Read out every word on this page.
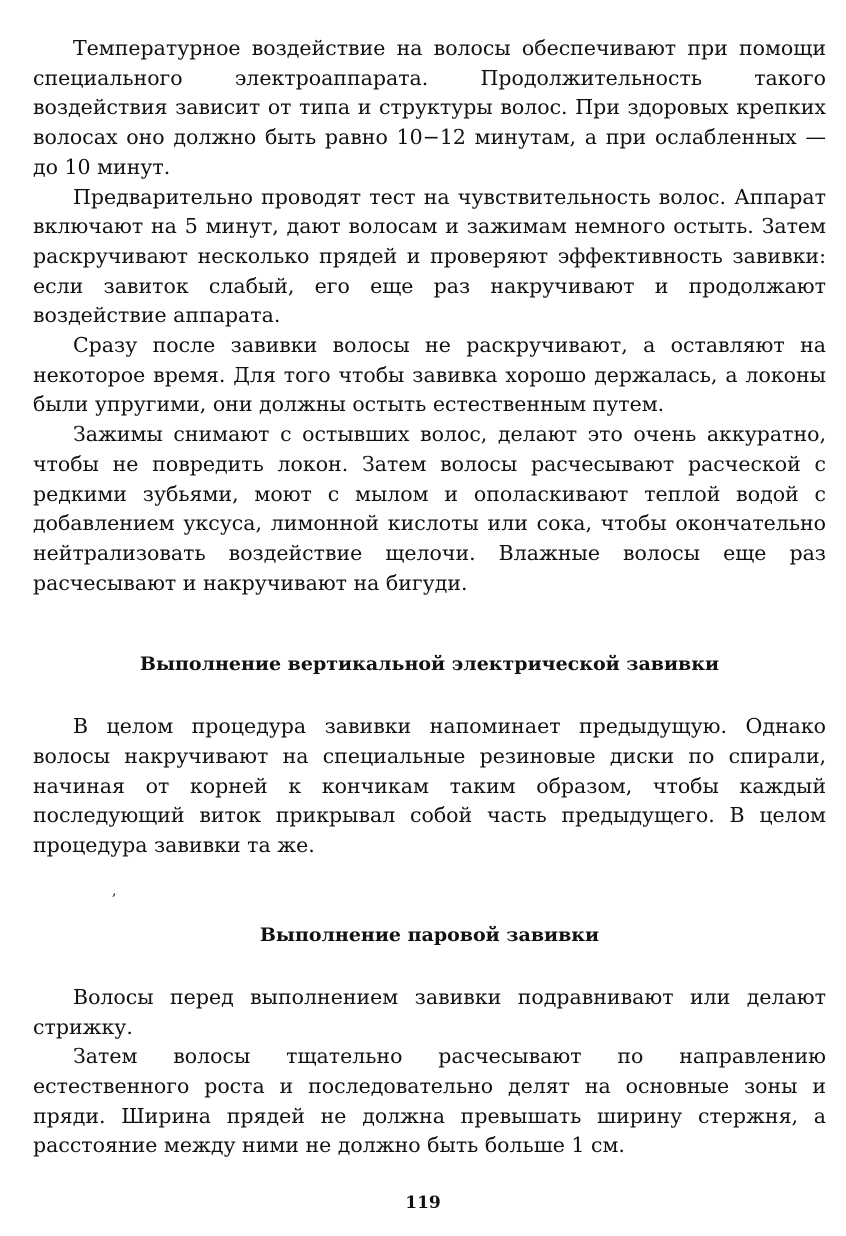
Температурное воздействие на волосы обеспечивают при помощи специального электроаппарата. Продолжительность такого воздействия зависит от типа и структуры волос. При здоровых крепких волосах оно должно быть равно 10−12 минутам, а при ослабленных — до 10 минут.

Предварительно проводят тест на чувствительность волос. Аппарат включают на 5 минут, дают волосам и зажимам немного остыть. Затем раскручивают несколько прядей и проверяют эффективность завивки: если завиток слабый, его еще раз накручивают и продолжают воздействие аппарата.

Сразу после завивки волосы не раскручивают, а оставляют на некоторое время. Для того чтобы завивка хорошо держалась, а локоны были упругими, они должны остыть естественным путем.

Зажимы снимают с остывших волос, делают это очень аккуратно, чтобы не повредить локон. Затем волосы расчесывают расческой с редкими зубьями, моют с мылом и ополаскивают теплой водой с добавлением уксуса, лимонной кислоты или сока, чтобы окончательно нейтрализовать воздействие щелочи. Влажные волосы еще раз расчесывают и накручивают на бигуди.

Выполнение вертикальной электрической завивки

В целом процедура завивки напоминает предыдущую. Однако волосы накручивают на специальные резиновые диски по спирали, начиная от корней к кончикам таким образом, чтобы каждый последующий виток прикрывал собой часть предыдущего. В целом процедура завивки та же.

Выполнение паровой завивки

Волосы перед выполнением завивки подравнивают или делают стрижку.

Затем волосы тщательно расчесывают по направлению естественного роста и последовательно делят на основные зоны и пряди. Ширина прядей не должна превышать ширину стержня, а расстояние между ними не должно быть больше 1 см.

,
119
